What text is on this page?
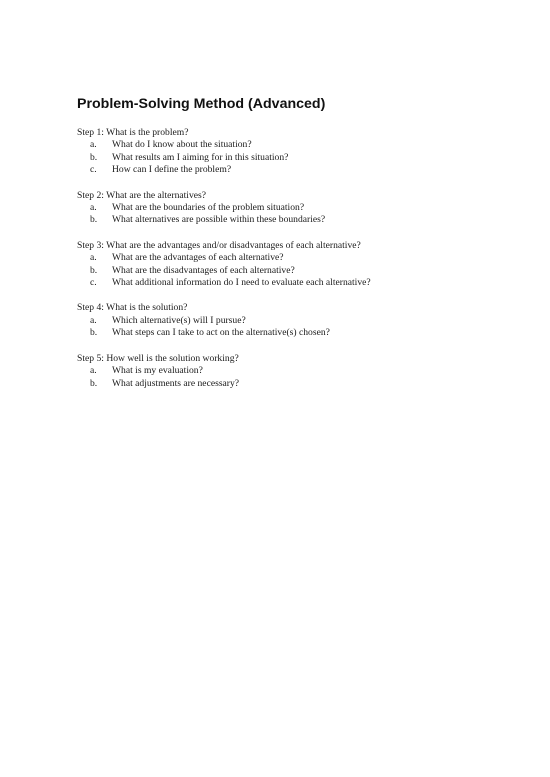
Problem-Solving Method (Advanced)

Step 1: What is the problem?

a.	What do I know about the situation?
b.	What results am I aiming for in this situation?
c.	How can I define the problem?

Step 2: What are the alternatives?

a.	What are the boundaries of the problem situation?
b.	What alternatives are possible within these boundaries?

Step 3: What are the advantages and/or disadvantages of each alternative?

a.	What are the advantages of each alternative?
b.	What are the disadvantages of each alternative?
c.	What additional information do I need to evaluate each alternative?

Step 4: What is the solution?

a.	Which alternative(s) will I pursue?
b.	What steps can I take to act on the alternative(s) chosen?

Step 5: How well is the solution working?

a.	What is my evaluation?
b.	What adjustments are necessary?
